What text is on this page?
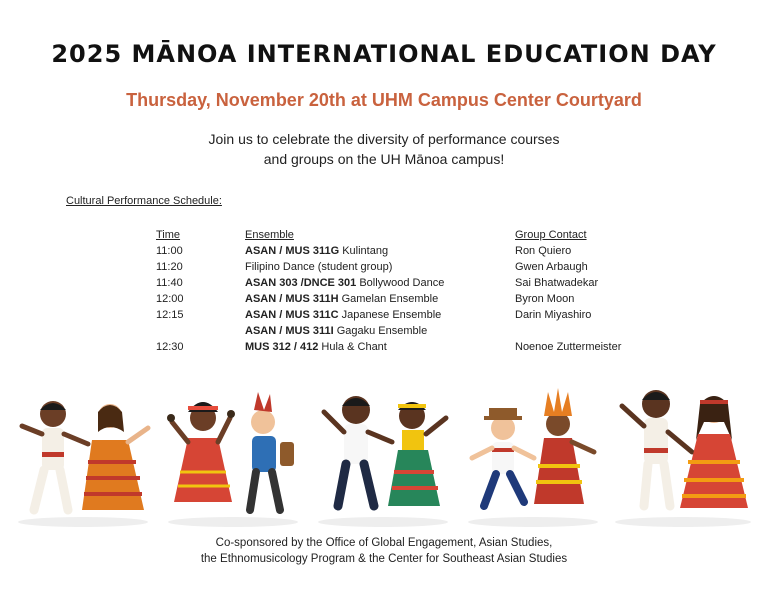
2025 MĀNOA INTERNATIONAL EDUCATION DAY
Thursday, November 20th at UHM Campus Center Courtyard
Join us to celebrate the diversity of performance courses
and groups on the UH Mānoa campus!
Cultural Performance Schedule:
Time	Ensemble	Group Contact
11:00	ASAN / MUS 311G Kulintang	Ron Quiero
11:20	Filipino Dance (student group)	Gwen Arbaugh
11:40	ASAN 303 /DNCE 301 Bollywood Dance	Sai Bhatwadekar
12:00	ASAN / MUS 311H Gamelan Ensemble	Byron Moon
12:15	ASAN / MUS 311C Japanese Ensemble	Darin Miyashiro
	ASAN / MUS 311I Gagaku Ensemble	
12:30	MUS 312 / 412 Hula & Chant	Noenoe Zuttermeister
Co-sponsored by the Office of Global Engagement, Asian Studies,
the Ethnomusicology Program & the Center for Southeast Asian Studies
